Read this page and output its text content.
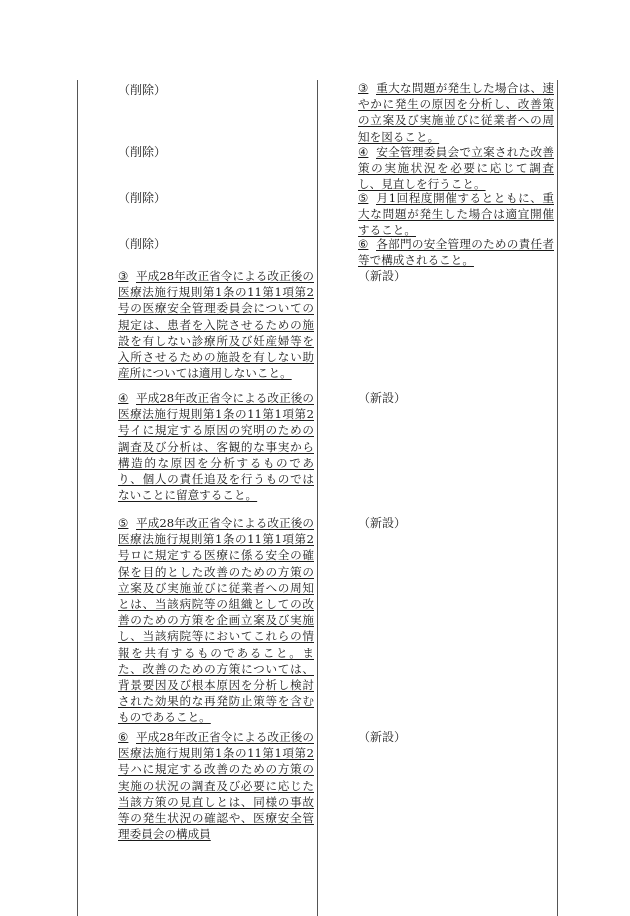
（削除）
（削除）
（削除）
（削除）

③ 重大な問題が発生した場合は、速やかに発生の原因を分析し、改善策の立案及び実施並びに従業者への周知を図ること。

④ 安全管理委員会で立案された改善策の実施状況を必要に応じて調査し、見直しを行うこと。

⑤ 月1回程度開催するとともに、重大な問題が発生した場合は適宜開催すること。

⑥ 各部門の安全管理のための責任者等で構成されること。

（新設）
（新設）
（新設）
（新設）

③ 平成28年改正省令による改正後の医療法施行規則第1条の11第1項第2号の医療安全管理委員会についての規定は、患者を入院させるための施設を有しない診療所及び妊産婦等を入所させるための施設を有しない助産所については適用しないこと。

④ 平成28年改正省令による改正後の医療法施行規則第1条の11第1項第2号イに規定する原因の究明のための調査及び分析は、客観的な事実から構造的な原因を分析するものであり、個人の責任追及を行うものではないことに留意すること。

⑤ 平成28年改正省令による改正後の医療法施行規則第1条の11第1項第2号ロに規定する医療に係る安全の確保を目的とした改善のための方策の立案及び実施並びに従業者への周知とは、当該病院等の組織としての改善のための方策を企画立案及び実施し、当該病院等においてこれらの情報を共有するものであること。また、改善のための方策については、背景要因及び根本原因を分析し検討された効果的な再発防止策等を含むものであること。

⑥ 平成28年改正省令による改正後の医療法施行規則第1条の11第1項第2号ハに規定する改善のための方策の実施の状況の調査及び必要に応じた当該方策の見直しとは、同様の事故等の発生状況の確認や、医療安全管理委員会の構成員
